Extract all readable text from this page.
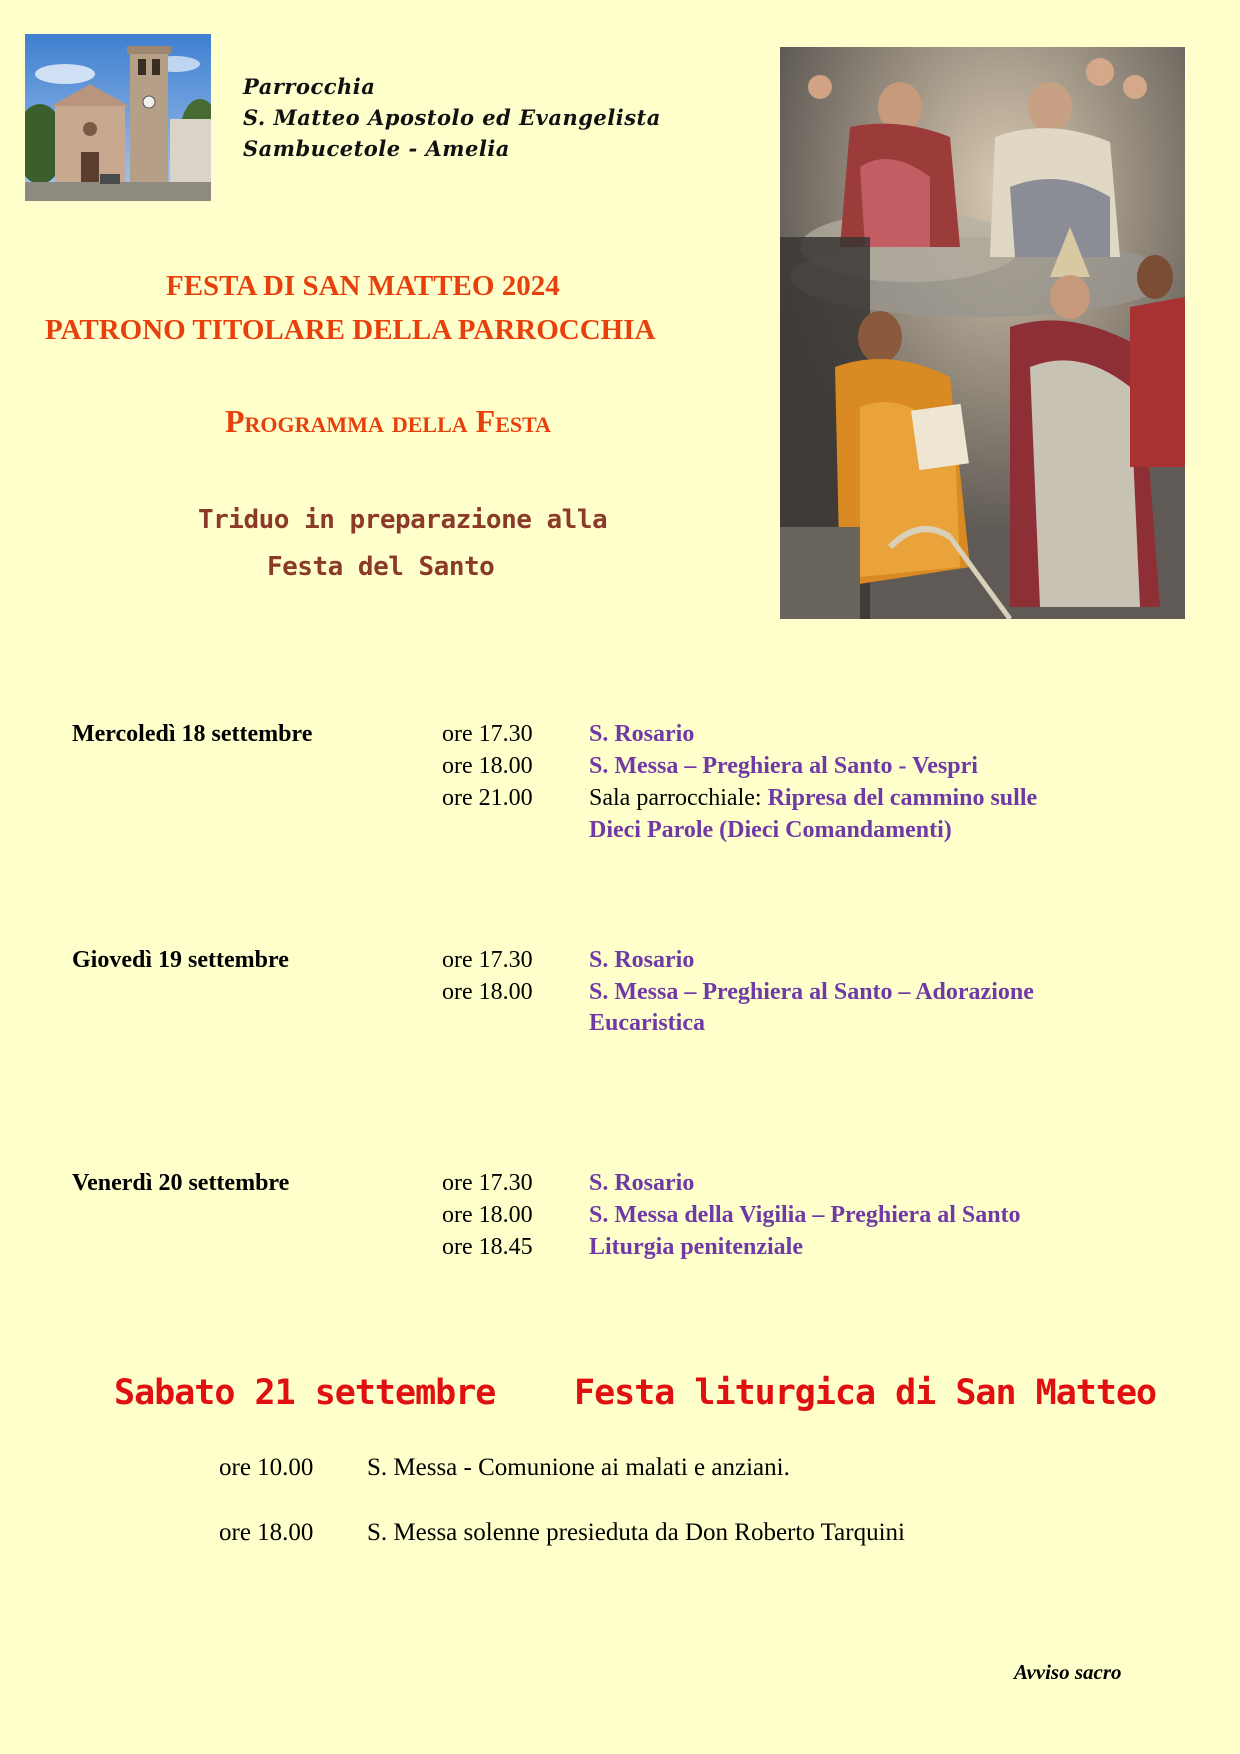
Parrocchia
S. Matteo Apostolo ed Evangelista
Sambucetole - Amelia
FESTA DI SAN MATTEO 2024
PATRONO TITOLARE DELLA PARROCCHIA
Programma della Festa
Triduo in preparazione alla
Festa del Santo
Mercoledì 18 settembre	ore 17.30 S. Rosario
ore 18.00 S. Messa – Preghiera al Santo - Vespri
ore 21.00 Sala parrocchiale: Ripresa del cammino sulle
Dieci Parole (Dieci Comandamenti)
Giovedì 19 settembre	ore 17.30 S. Rosario
ore 18.00 S. Messa – Preghiera al Santo – Adorazione
Eucaristica
Venerdì 20 settembre	ore 17.30 S. Rosario
ore 18.00 S. Messa della Vigilia – Preghiera al Santo
ore 18.45 Liturgia penitenziale
Sabato 21 settembre Festa liturgica di San Matteo
ore 10.00 S. Messa - Comunione ai malati e anziani.
ore 18.00 S. Messa solenne presieduta da Don Roberto Tarquini
Avviso sacro
